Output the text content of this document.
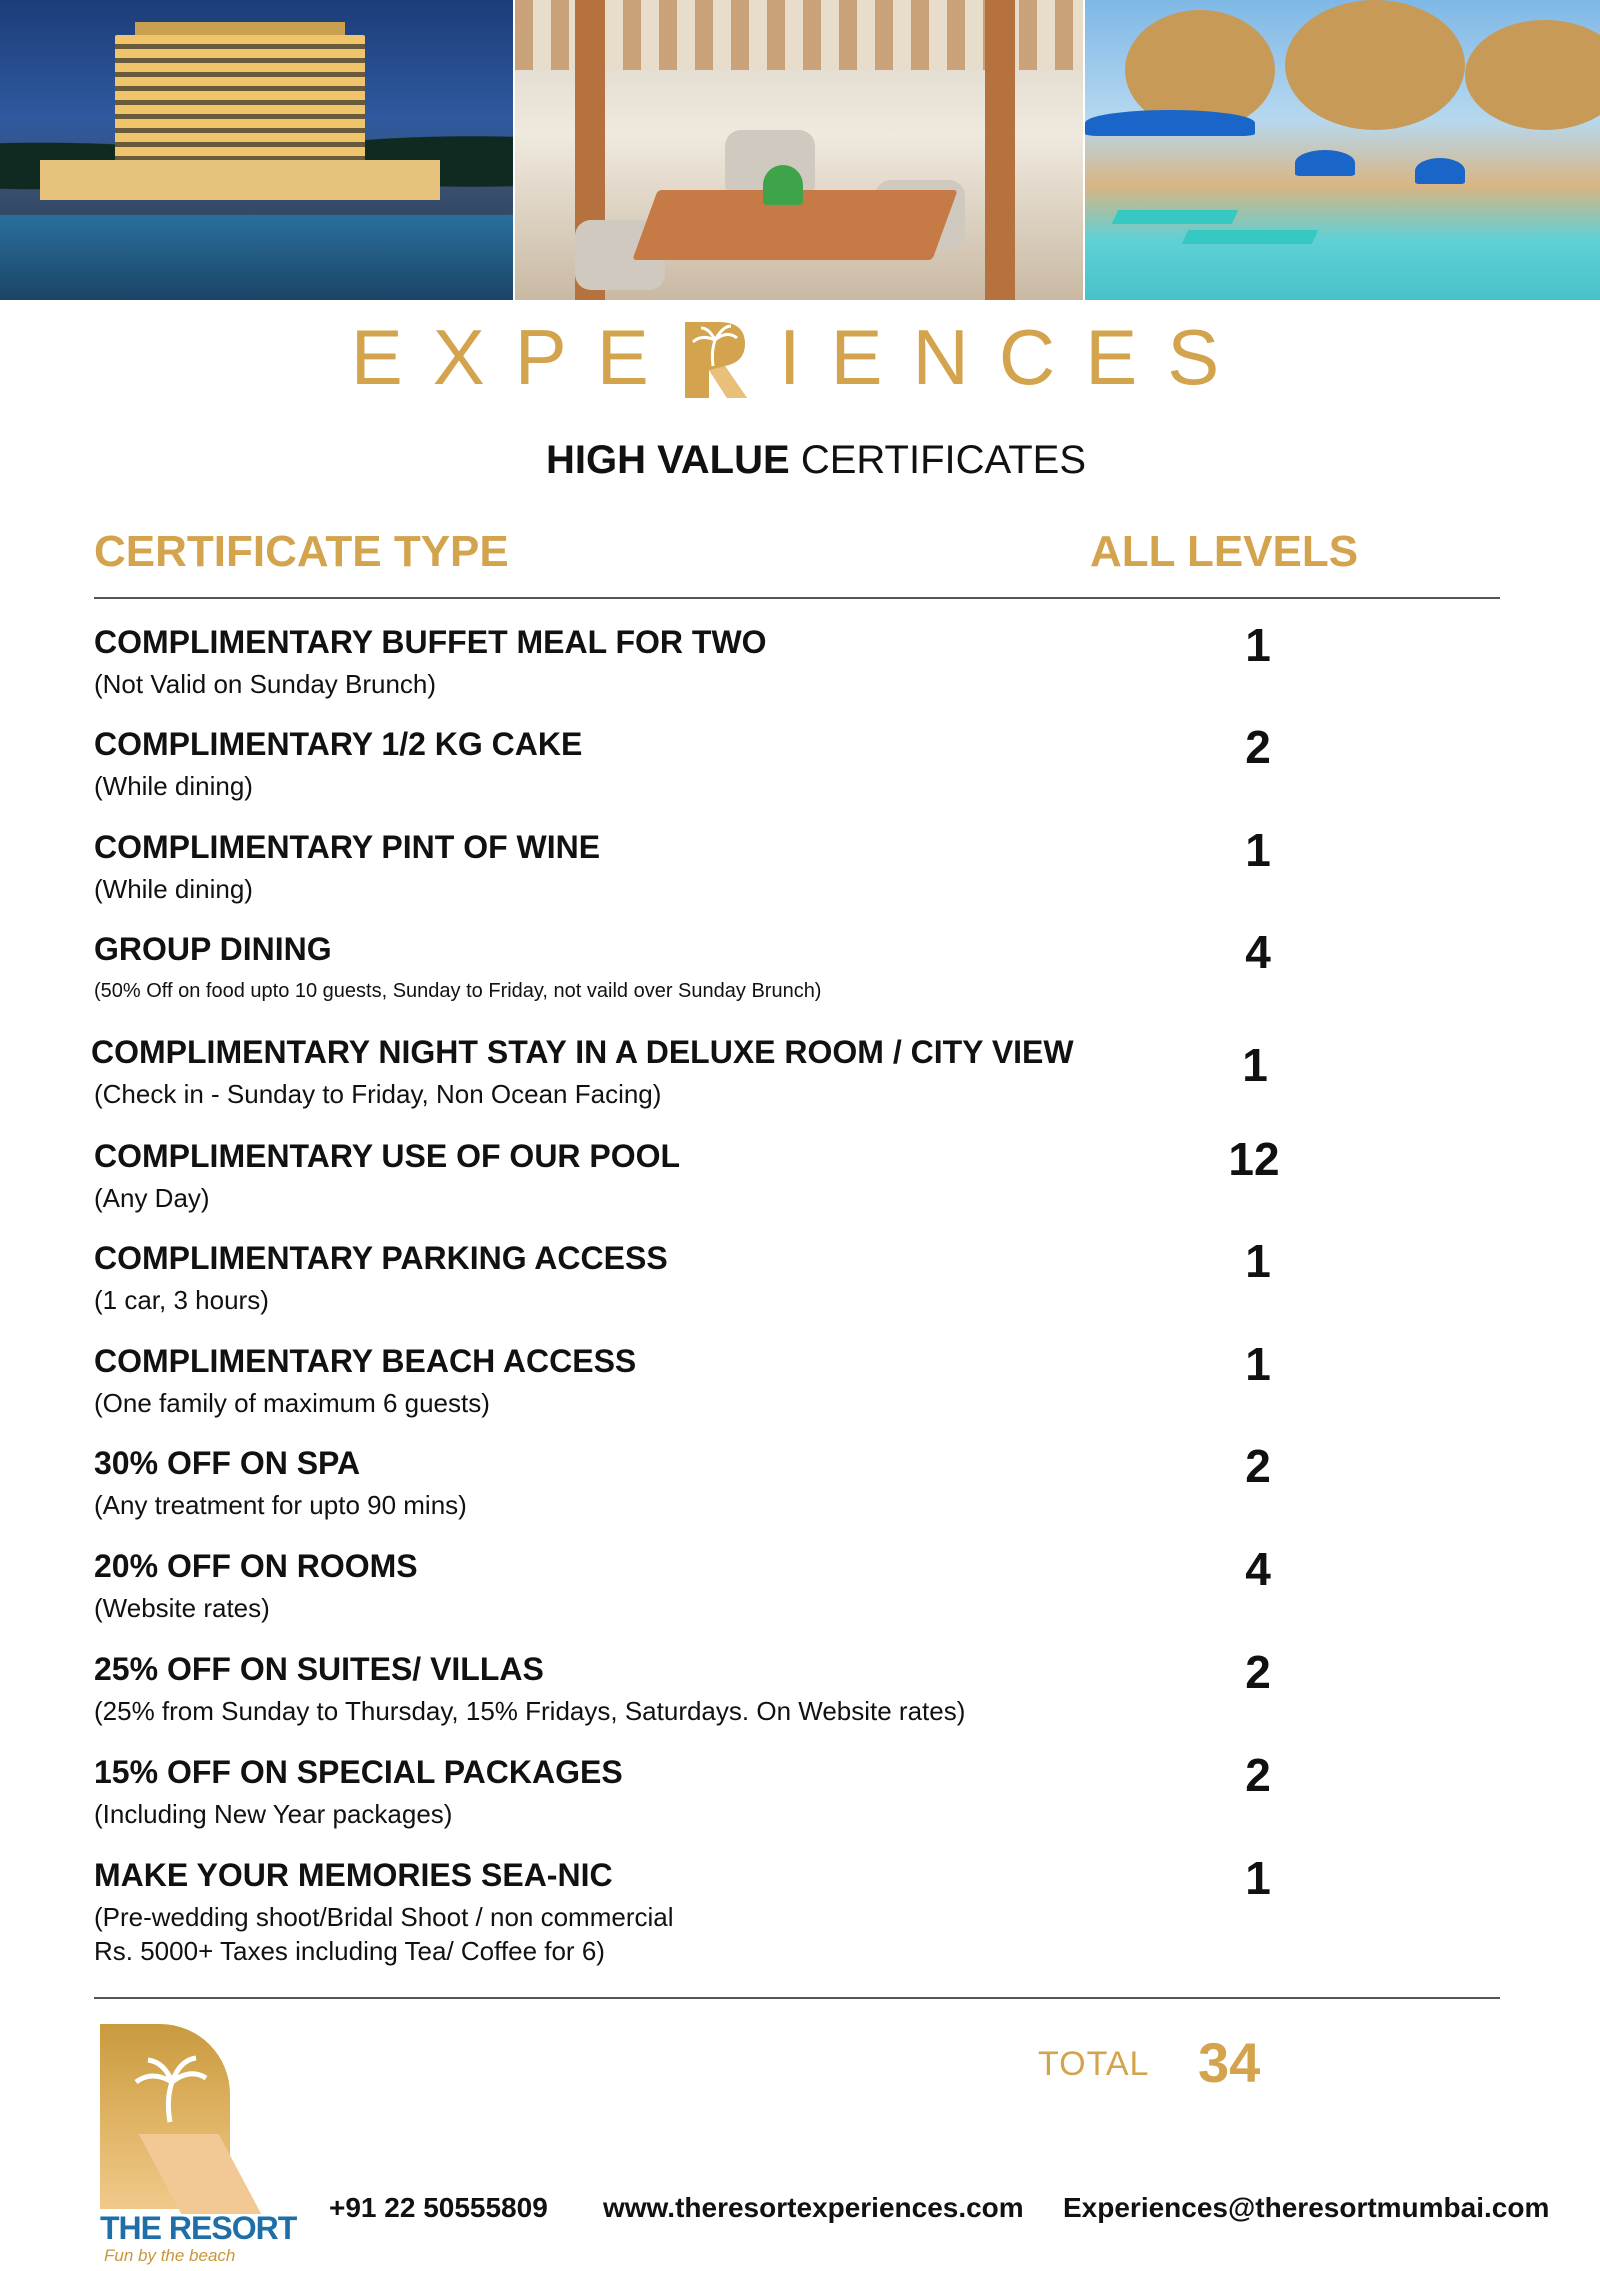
EXPE IENCES
HIGH VALUE CERTIFICATES
CERTIFICATE TYPE	ALL LEVELS
COMPLIMENTARY BUFFET MEAL FOR TWO
(Not Valid on Sunday Brunch)
1
COMPLIMENTARY 1/2 KG CAKE
(While dining)
2
COMPLIMENTARY PINT OF WINE
(While dining)
1
GROUP DINING
(50% Off on food upto 10 guests, Sunday to Friday, not vaild over Sunday Brunch)
4
COMPLIMENTARY NIGHT STAY IN A DELUXE ROOM / CITY VIEW
(Check in - Sunday to Friday, Non Ocean Facing)
1
COMPLIMENTARY USE OF OUR POOL
(Any Day)
12
COMPLIMENTARY PARKING ACCESS
(1 car, 3 hours)
1
COMPLIMENTARY BEACH ACCESS
(One family of maximum 6 guests)
1
30% OFF ON SPA
(Any treatment for upto 90 mins)
2
20% OFF ON ROOMS
(Website rates)
4
25% OFF ON SUITES/ VILLAS
(25% from Sunday to Thursday, 15% Fridays, Saturdays. On Website rates)
2
15% OFF ON SPECIAL PACKAGES
(Including New Year packages)
2
MAKE YOUR MEMORIES SEA-NIC
(Pre-wedding shoot/Bridal Shoot / non commercial
Rs. 5000+ Taxes including Tea/ Coffee for 6)
1
TOTAL 34
THE RESORT
Fun by the beach
+91 22 50555809 www.theresortexperiences.com Experiences@theresortmumbai.com
